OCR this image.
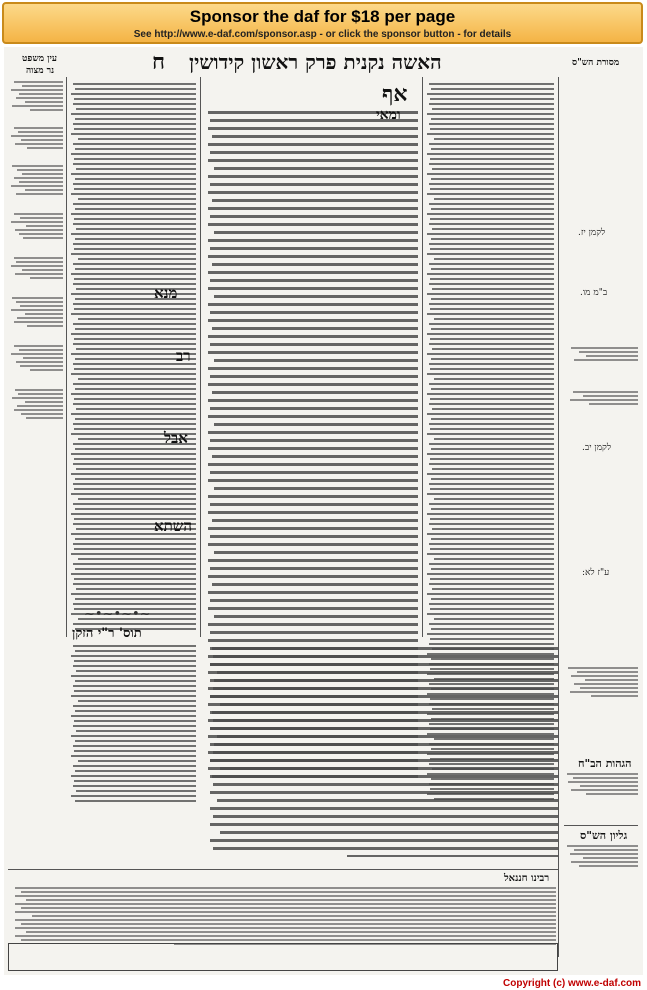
Sponsor the daf for $18 per page
See http://www.e-daf.com/sponsor.asp - or click the sponsor button - for details
עין משפט
נר מצוה	ח האשה נקנית פרק ראשון קידושין	מסורת הש"ס
מנא
רב
אבל
השתא
אף
ומאי
לקמן יז.
ב"מ מו.
לקמן יב.
ע"ז לא:
הגהות הב"ח
גליון הש"ס
~•~•~•~
תוס' ר"י הזקן
רבינו חננאל
Copyright (c) www.e-daf.com
